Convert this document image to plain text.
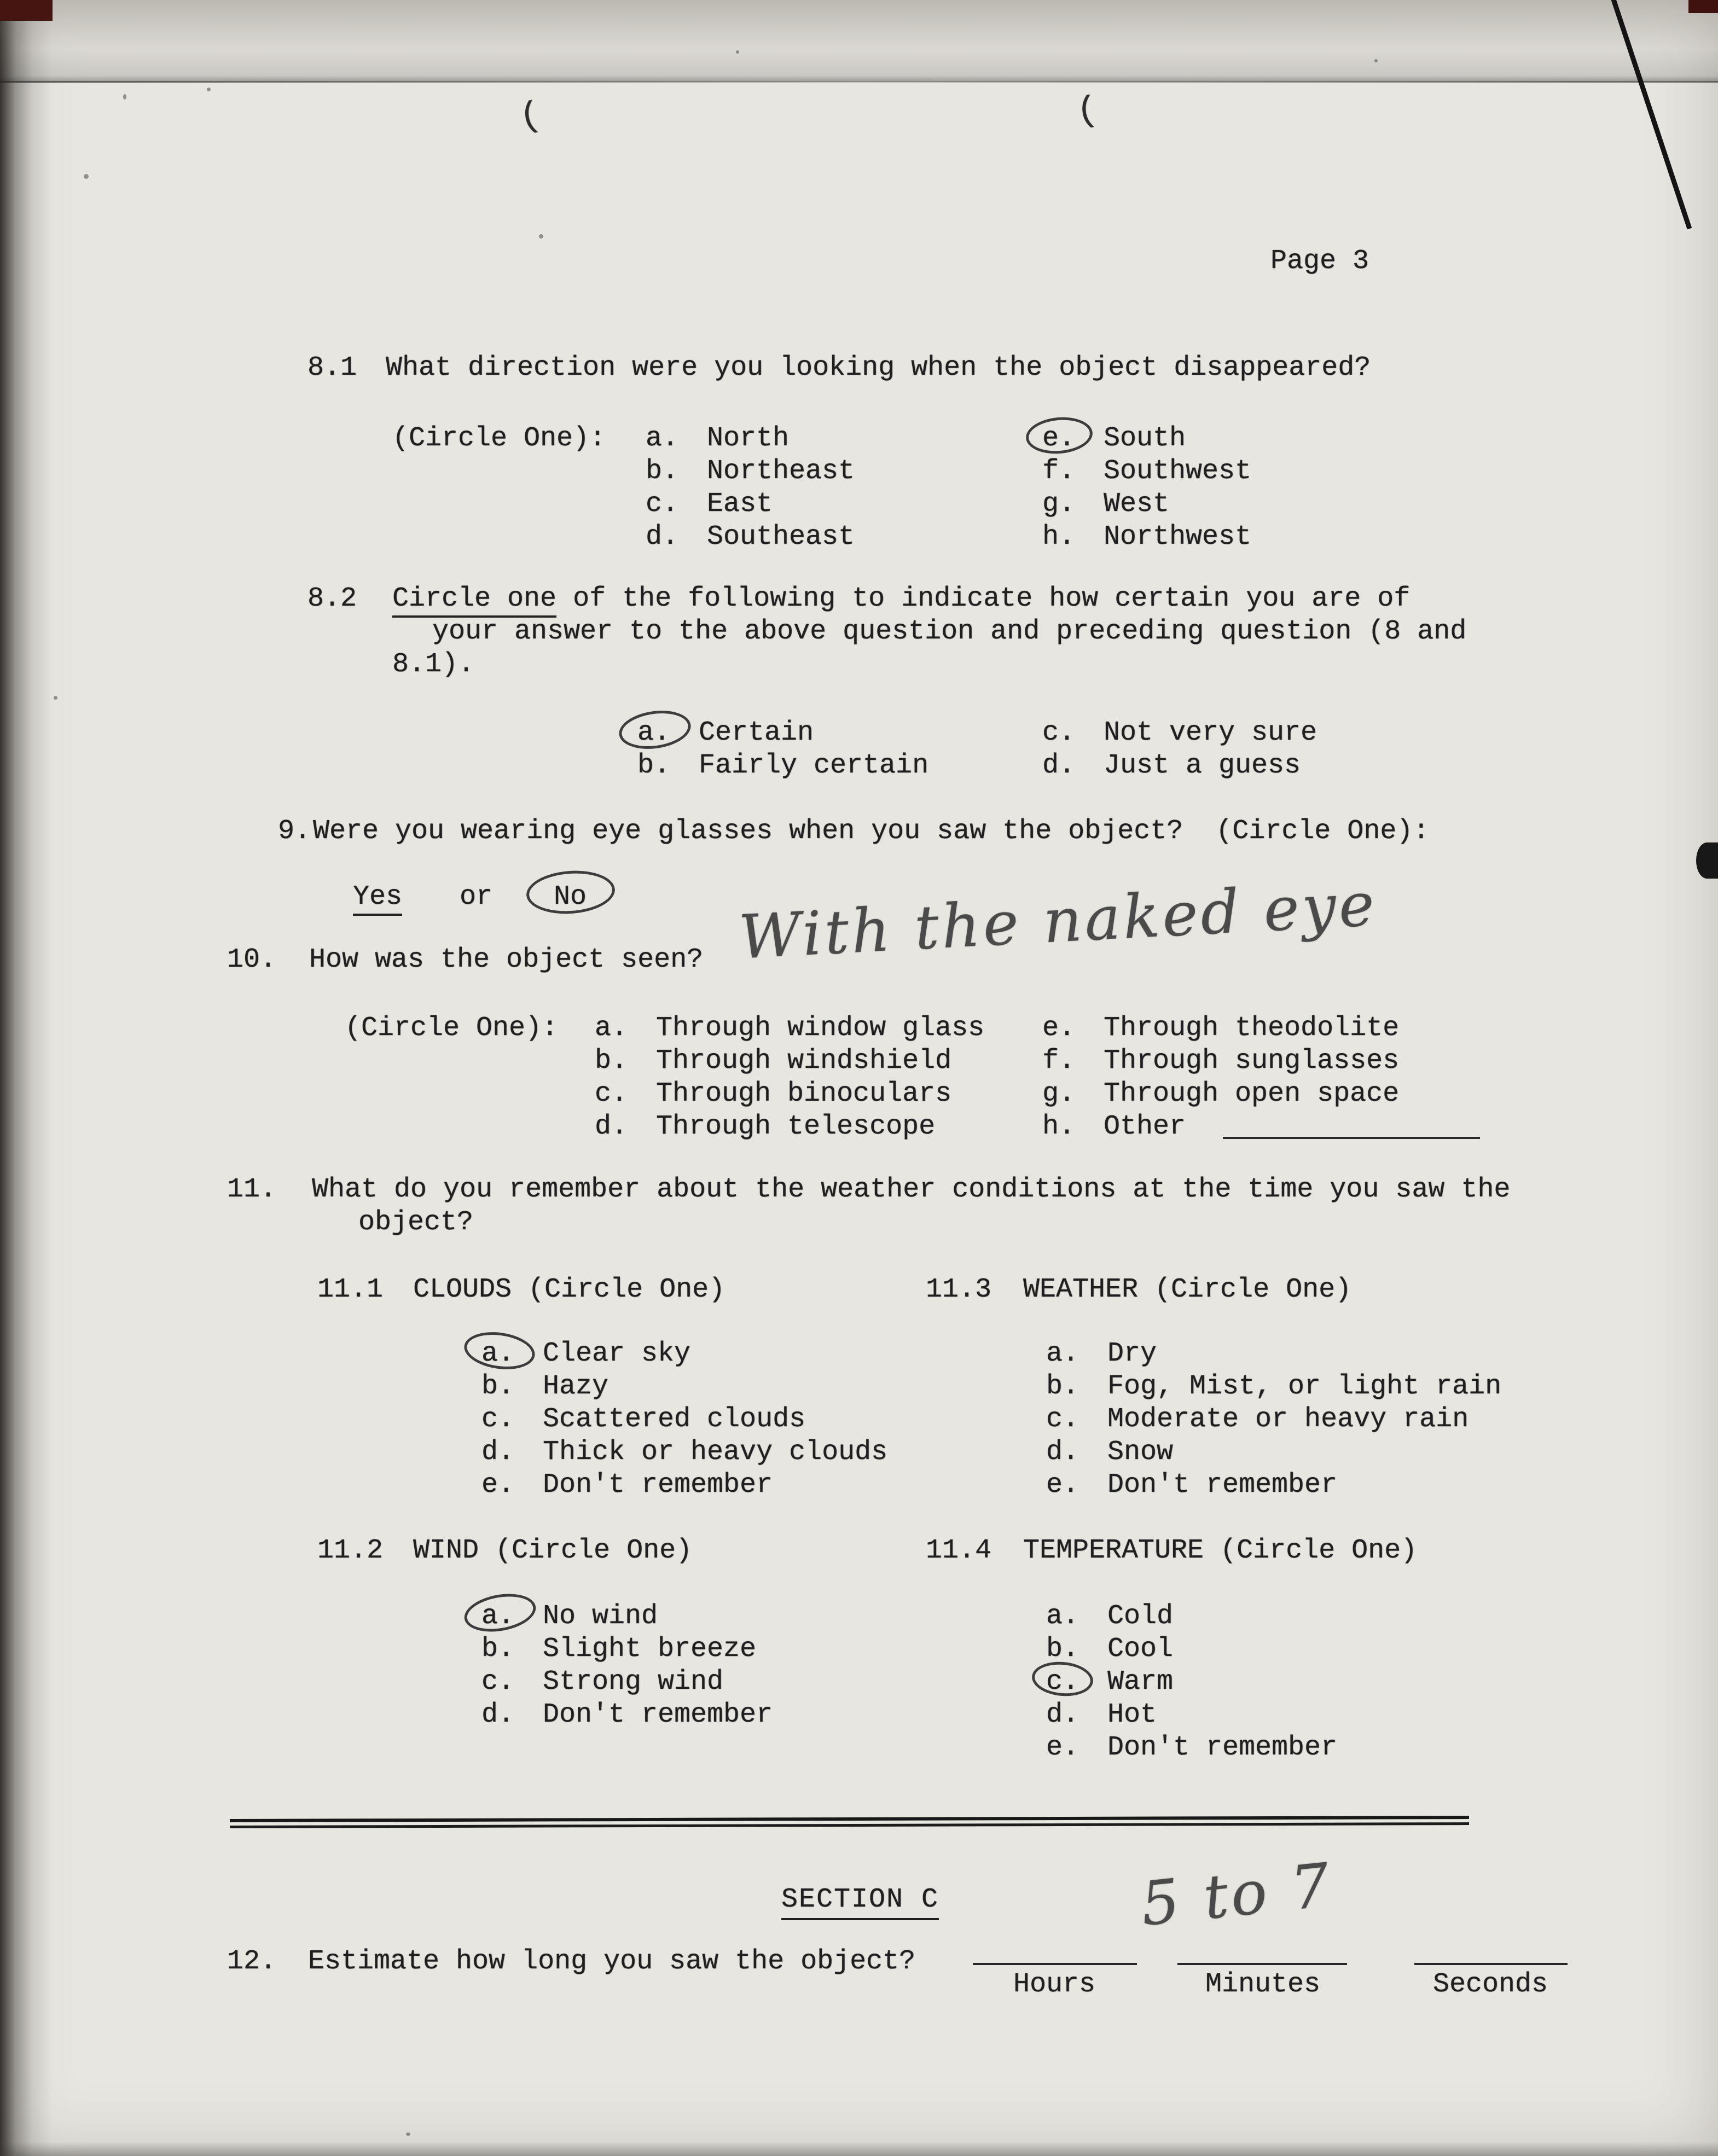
(	(
Page 3
8.1 What direction were you looking when the object disappeared?
(Circle One): a. North
b. Northeast
c. East
d. Southeast
e. South
f. Southwest
g. West
h. Northwest
8.2 Circle one of the following to indicate how certain you are of
your answer to the above question and preceding question (8 and
8.1).
a. Certain
b. Fairly certain
c. Not very sure
d. Just a guess
9. Were you wearing eye glasses when you saw the object?  (Circle One):
Yes or No
10. How was the object seen? With the naked eye
(Circle One): a. Through window glass
b. Through windshield
c. Through binoculars
d. Through telescope
e. Through theodolite
f. Through sunglasses
g. Through open space
h. Other
11. What do you remember about the weather conditions at the time you saw the
object?
11.1 CLOUDS (Circle One)	11.3 WEATHER (Circle One)
a. Clear sky
b. Hazy
c. Scattered clouds
d. Thick or heavy clouds
e. Don't remember
a. Dry
b. Fog, Mist, or light rain
c. Moderate or heavy rain
d. Snow
e. Don't remember
11.2 WIND (Circle One)	11.4 TEMPERATURE (Circle One)
a. No wind
b. Slight breeze
c. Strong wind
d. Don't remember
a. Cold
b. Cool
c. Warm
d. Hot
e. Don't remember
SECTION C
12. Estimate how long you saw the object?
5 to 7
Hours	Minutes	Seconds
